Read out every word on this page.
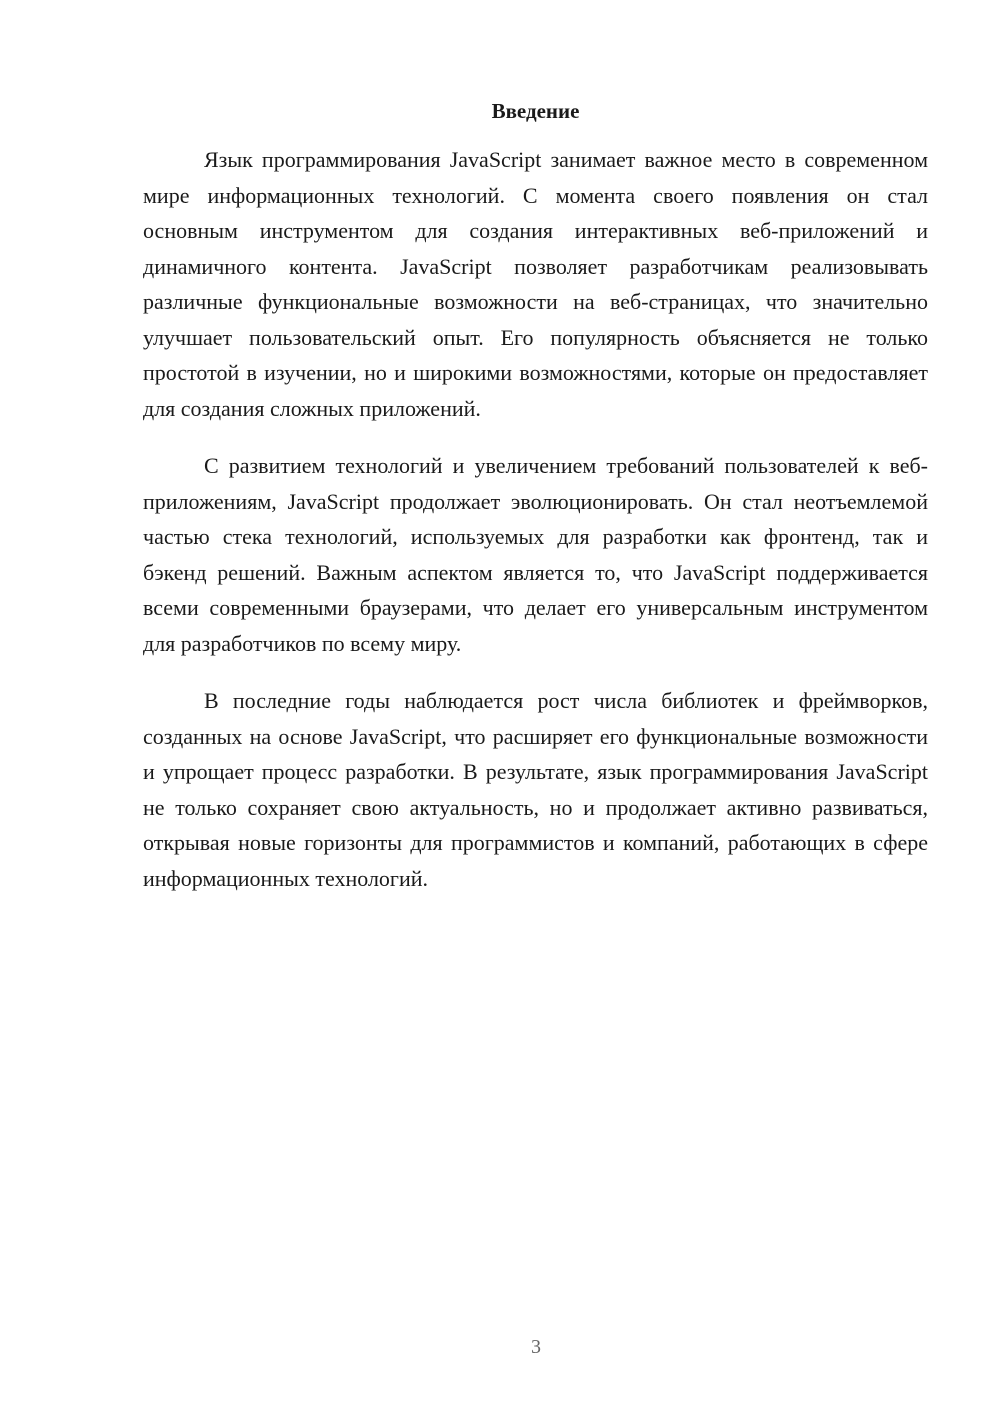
Введение

Язык программирования JavaScript занимает важное место в современном мире информационных технологий. С момента своего появления он стал основным инструментом для создания интерактивных веб-приложений и динамичного контента. JavaScript позволяет разработчикам реализовывать различные функциональные возможности на веб-страницах, что значительно улучшает пользовательский опыт. Его популярность объясняется не только простотой в изучении, но и широкими возможностями, которые он предоставляет для создания сложных приложений.

С развитием технологий и увеличением требований пользователей к веб-приложениям, JavaScript продолжает эволюционировать. Он стал неотъемлемой частью стека технологий, используемых для разработки как фронтенд, так и бэкенд решений. Важным аспектом является то, что JavaScript поддерживается всеми современными браузерами, что делает его универсальным инструментом для разработчиков по всему миру.

В последние годы наблюдается рост числа библиотек и фреймворков, созданных на основе JavaScript, что расширяет его функциональные возможности и упрощает процесс разработки. В результате, язык программирования JavaScript не только сохраняет свою актуальность, но и продолжает активно развиваться, открывая новые горизонты для программистов и компаний, работающих в сфере информационных технологий.

3
